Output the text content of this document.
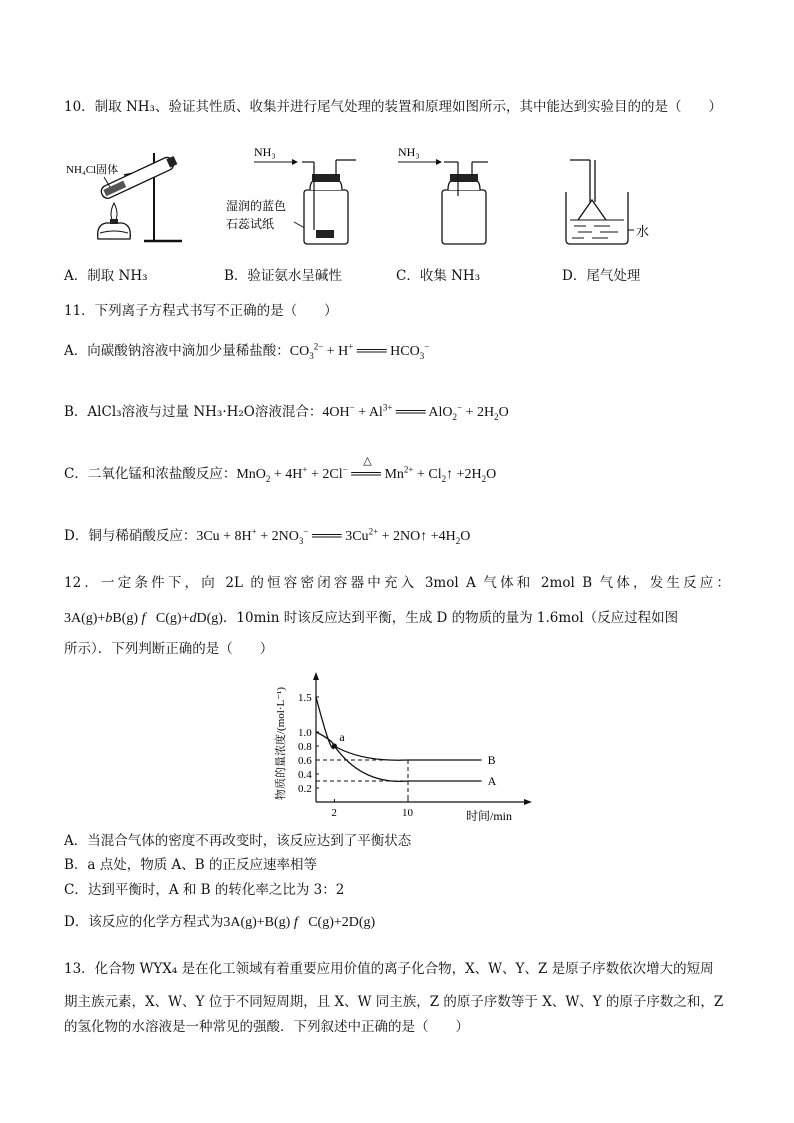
10．制取 NH₃、验证其性质、收集并进行尾气处理的装置和原理如图所示，其中能达到实验目的的是（　　）
NH₄Cl固体
NH₃
湿润的蓝色
石蕊试纸
NH₃
水
A．制取 NH₃	B．验证氨水呈碱性	C．收集 NH₃	D．尾气处理
11．下列离子方程式书写不正确的是（　　）
A．向碳酸钠溶液中滴加少量稀盐酸：$CO_3^{2-} + H^+$ ═══ $HCO_3^-$
B．AlCl₃溶液与过量 NH₃·H₂O溶液混合：$4OH^- + Al^{3+}$ ═══ $AlO_2^- + 2H_2O$
C．二氧化锰和浓盐酸反应：MnO$_2$ + 4H+ + 2Cl−
△
═══ $Mn^{2+}$ + $Cl_2↑ +2H_2O$
D．铜与稀硝酸反应：$3Cu + 8H^+ + 2NO_3^-$ ═══ $3Cu^{2+}$ + 2NO↑ $+4H_2O$
12．一定条件下，向 2L 的恒容密闭容器中充入 3mol A 气体和 2mol B 气体，发生反应：
3A(g)+bB(g) f   C(g)+dD(g)．10min 时该反应达到平衡，生成 D 的物质的量为 1.6mol（反应过程如图
所示）．下列判断正确的是（　　）
物质的量浓度/(mol·L⁻¹) 0.2
0.4
0.6
0.8
1.0
1.5
2	10
B
A
a
时间/min
A．当混合气体的密度不再改变时，该反应达到了平衡状态
B．a 点处，物质 A、B 的正反应速率相等
C．达到平衡时，A 和 B 的转化率之比为 3：2
D．该反应的化学方程式为3A(g)+B(g) f   C(g)+2D(g)
13．化合物 WYX₄ 是在化工领域有着重要应用价值的离子化合物，X、W、Y、Z 是原子序数依次增大的短周
期主族元素，X、W、Y 位于不同短周期，且 X、W 同主族，Z 的原子序数等于 X、W、Y 的原子序数之和，Z
的氢化物的水溶液是一种常见的强酸．下列叙述中正确的是（　　）
